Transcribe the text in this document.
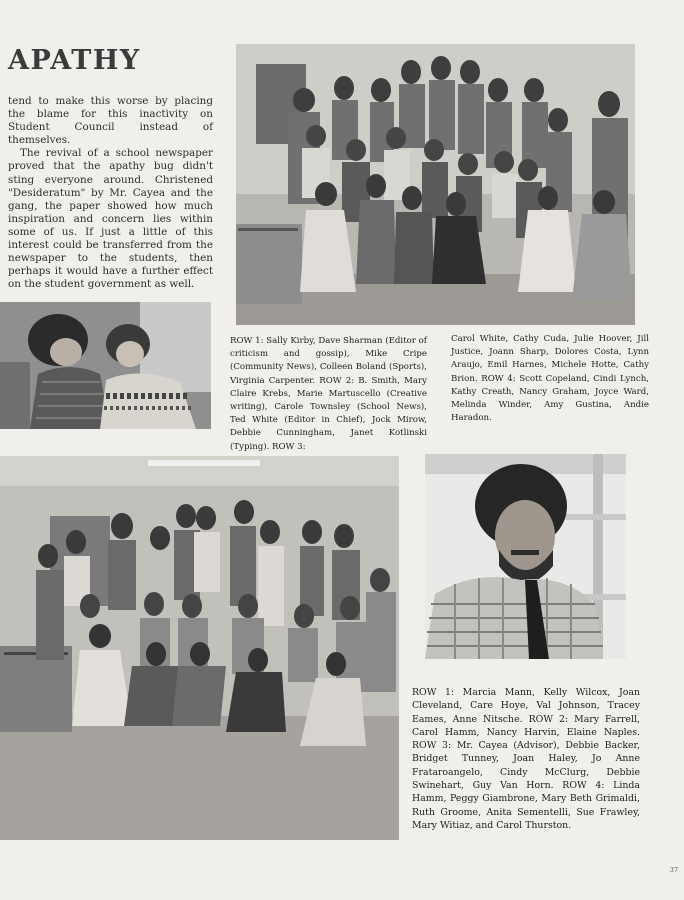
APATHY

tend to make this worse by placing the blame for this inactivity on Student Council instead of themselves.

The revival of a school newspaper proved that the apathy bug didn't sting everyone around. Christened "Desideratum" by Mr. Cayea and the gang, the paper showed how much inspiration and concern lies within some of us. If just a little of this interest could be transferred from the newspaper to the students, then perhaps it would have a further effect on the student government as well.

ROW 1: Sally Kirby, Dave Sharman (Editor of criticism and gossip), Mike Cripe (Community News), Colleen Boland (Sports), Virginia Carpenter. ROW 2: B. Smith, Mary Claire Krebs, Marie Martuscello (Creative writing), Carole Townsley (School News), Ted White (Editor in Chief), Jock Mirow, Debbie Cunningham, Janet Kotlinski (Typing). ROW 3:
Carol White, Cathy Cuda, Julie Hoover, Jill Justice, Joann Sharp, Dolores Costa, Lynn Araujo, Emil Harnes, Michele Hotte, Cathy Brion. ROW 4: Scott Copeland, Cindi Lynch, Kathy Creath, Nancy Graham, Joyce Ward, Melinda Winder, Amy Gustina, Andie Haradon.
ROW 1: Marcia Mann, Kelly Wilcox, Joan Cleveland, Care Hoye, Val Johnson, Tracey Eames, Anne Nitsche. ROW 2: Mary Farrell, Carol Hamm, Nancy Harvin, Elaine Naples. ROW 3: Mr. Cayea (Advisor), Debbie Backer, Bridget Tunney, Joan Haley, Jo Anne Frataroangelo, Cindy McClurg, Debbie Swinehart, Guy Van Horn. ROW 4: Linda Hamm, Peggy Giambrone, Mary Beth Grimaldi, Ruth Groome, Anita Sementelli, Sue Frawley, Mary Witiaz, and Carol Thurston.
37
